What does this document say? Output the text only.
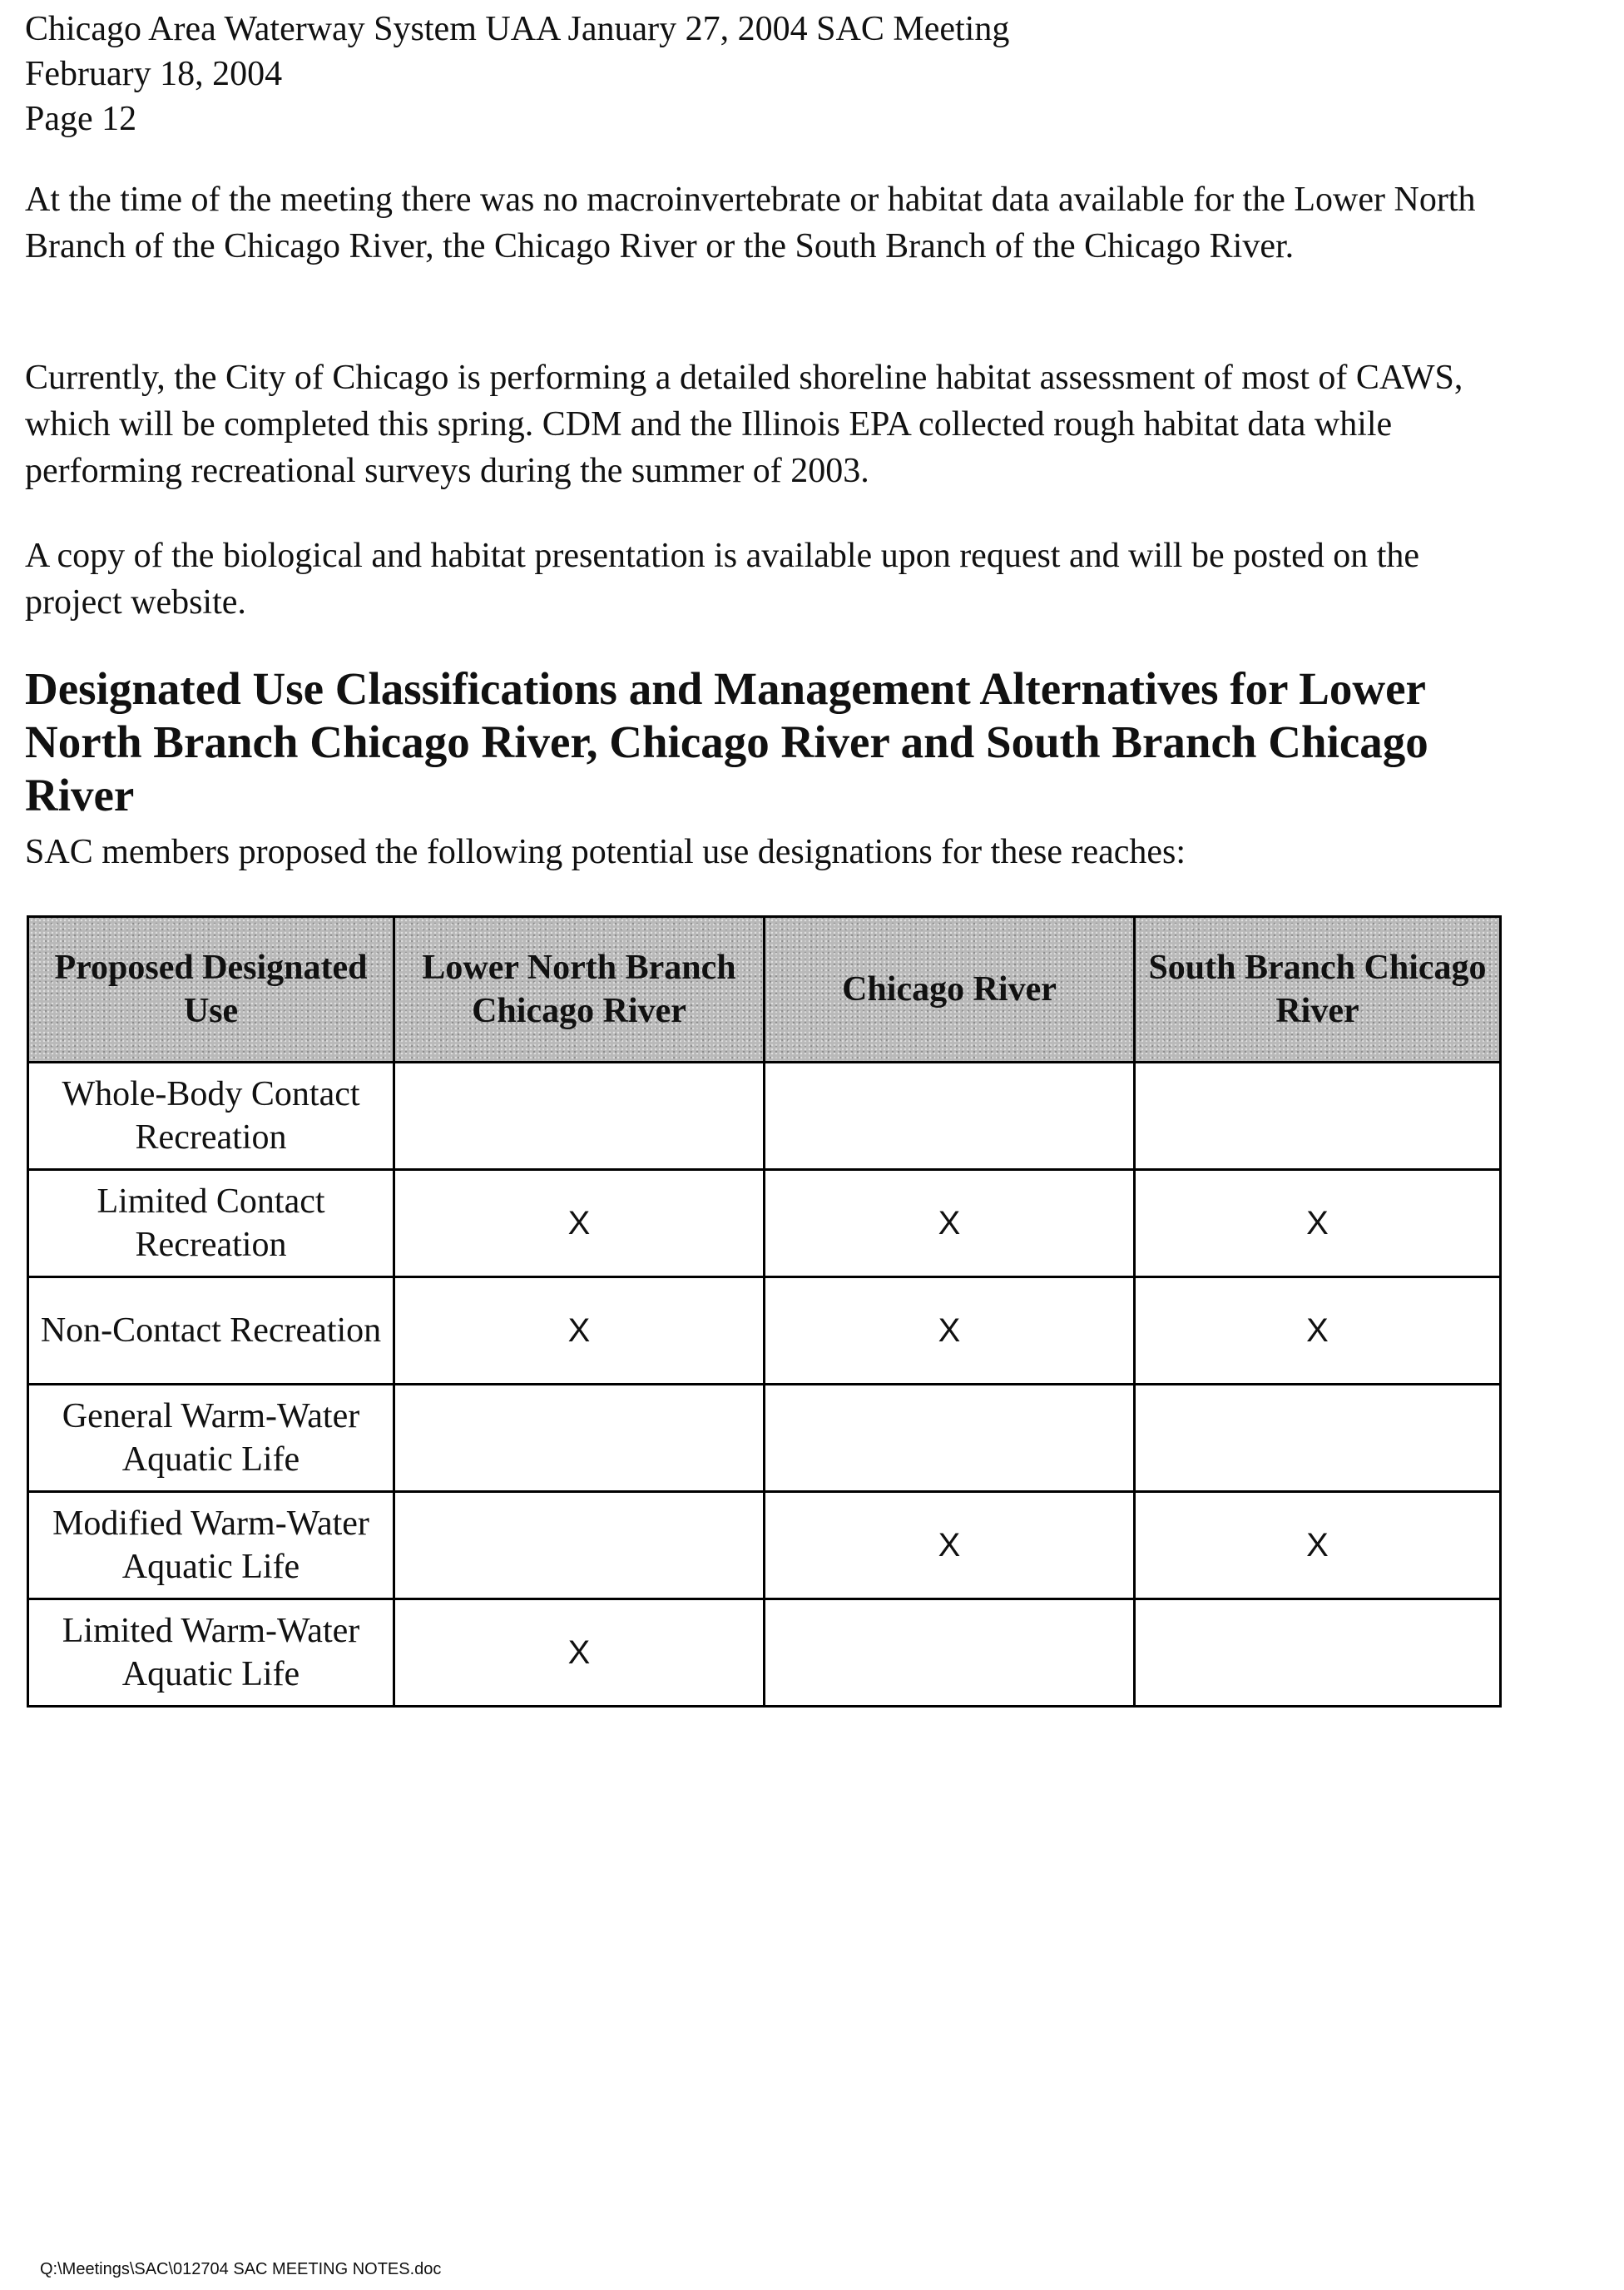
Chicago Area Waterway System UAA January 27, 2004 SAC Meeting
February 18, 2004
Page 12

At the time of the meeting there was no macroinvertebrate or habitat data available for the Lower North Branch of the Chicago River, the Chicago River or the South Branch of the Chicago River.

Currently, the City of Chicago is performing a detailed shoreline habitat assessment of most of CAWS, which will be completed this spring. CDM and the Illinois EPA collected rough habitat data while performing recreational surveys during the summer of 2003.

A copy of the biological and habitat presentation is available upon request and will be posted on the project website.

Designated Use Classifications and Management Alternatives for Lower North Branch Chicago River, Chicago River and South Branch Chicago River
SAC members proposed the following potential use designations for these reaches:
Proposed Designated Use	Lower North Branch Chicago River	Chicago River	South Branch Chicago River
Whole-Body Contact Recreation			
Limited Contact Recreation	X	X	X
Non-Contact Recreation	X	X	X
General Warm-Water Aquatic Life			
Modified Warm-Water Aquatic Life		X	X
Limited Warm-Water Aquatic Life	X		
Q:\Meetings\SAC\012704 SAC MEETING NOTES.doc
